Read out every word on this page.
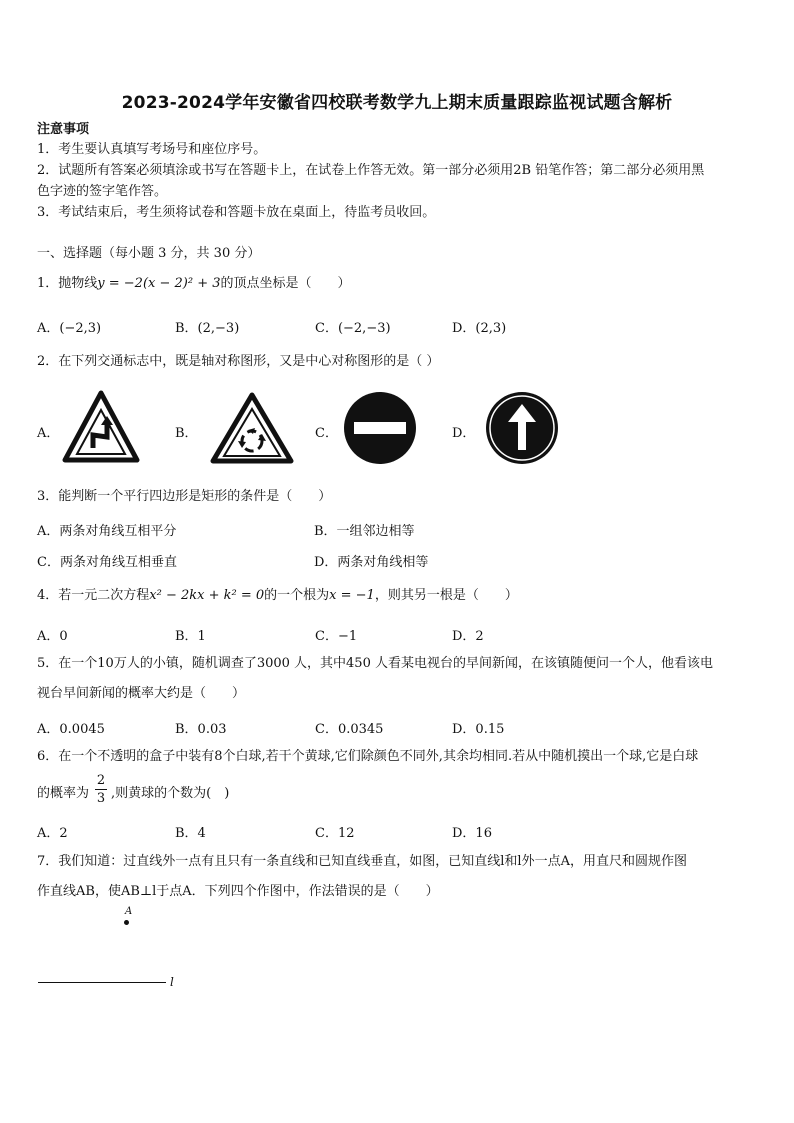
2023-2024学年安徽省四校联考数学九上期末质量跟踪监视试题含解析
注意事项
1．考生要认真填写考场号和座位序号。
2．试题所有答案必须填涂或书写在答题卡上，在试卷上作答无效。第一部分必须用2B 铅笔作答；第二部分必须用黑
色字迹的签字笔作答。
3．考试结束后，考生须将试卷和答题卡放在桌面上，待监考员收回。
一、选择题（每小题 3 分，共 30 分）
1．抛物线y = −2(x − 2)² + 3的顶点坐标是（　　）
A．(−2,3)	B．(2,−3)	C．(−2,−3)	D．(2,3)
2．在下列交通标志中，既是轴对称图形，又是中心对称图形的是（ ）
A．	B．	C．	D．
3．能判断一个平行四边形是矩形的条件是（　　）
A．两条对角线互相平分	B．一组邻边相等
C．两条对角线互相垂直	D．两条对角线相等
4．若一元二次方程x² − 2kx + k² = 0的一个根为x = −1，则其另一根是（　　）
A．0	B．1	C．−1	D．2
5．在一个10万人的小镇，随机调查了3000 人，其中450 人看某电视台的早间新闻，在该镇随便问一个人，他看该电
视台早间新闻的概率大约是（　　）
A．0.0045	B．0.03	C．0.0345	D．0.15
6．在一个不透明的盒子中装有8个白球,若干个黄球,它们除颜色不同外,其余均相同.若从中随机摸出一个球,它是白球
的概率为
2
3 ,则黄球的个数为(　)
A．2	B．4	C．12	D．16
7．我们知道：过直线外一点有且只有一条直线和已知直线垂直，如图，已知直线l和l外一点A，用直尺和圆规作图
作直线AB，使AB⊥l于点A．下列四个作图中，作法错误的是（　　）
A
l
